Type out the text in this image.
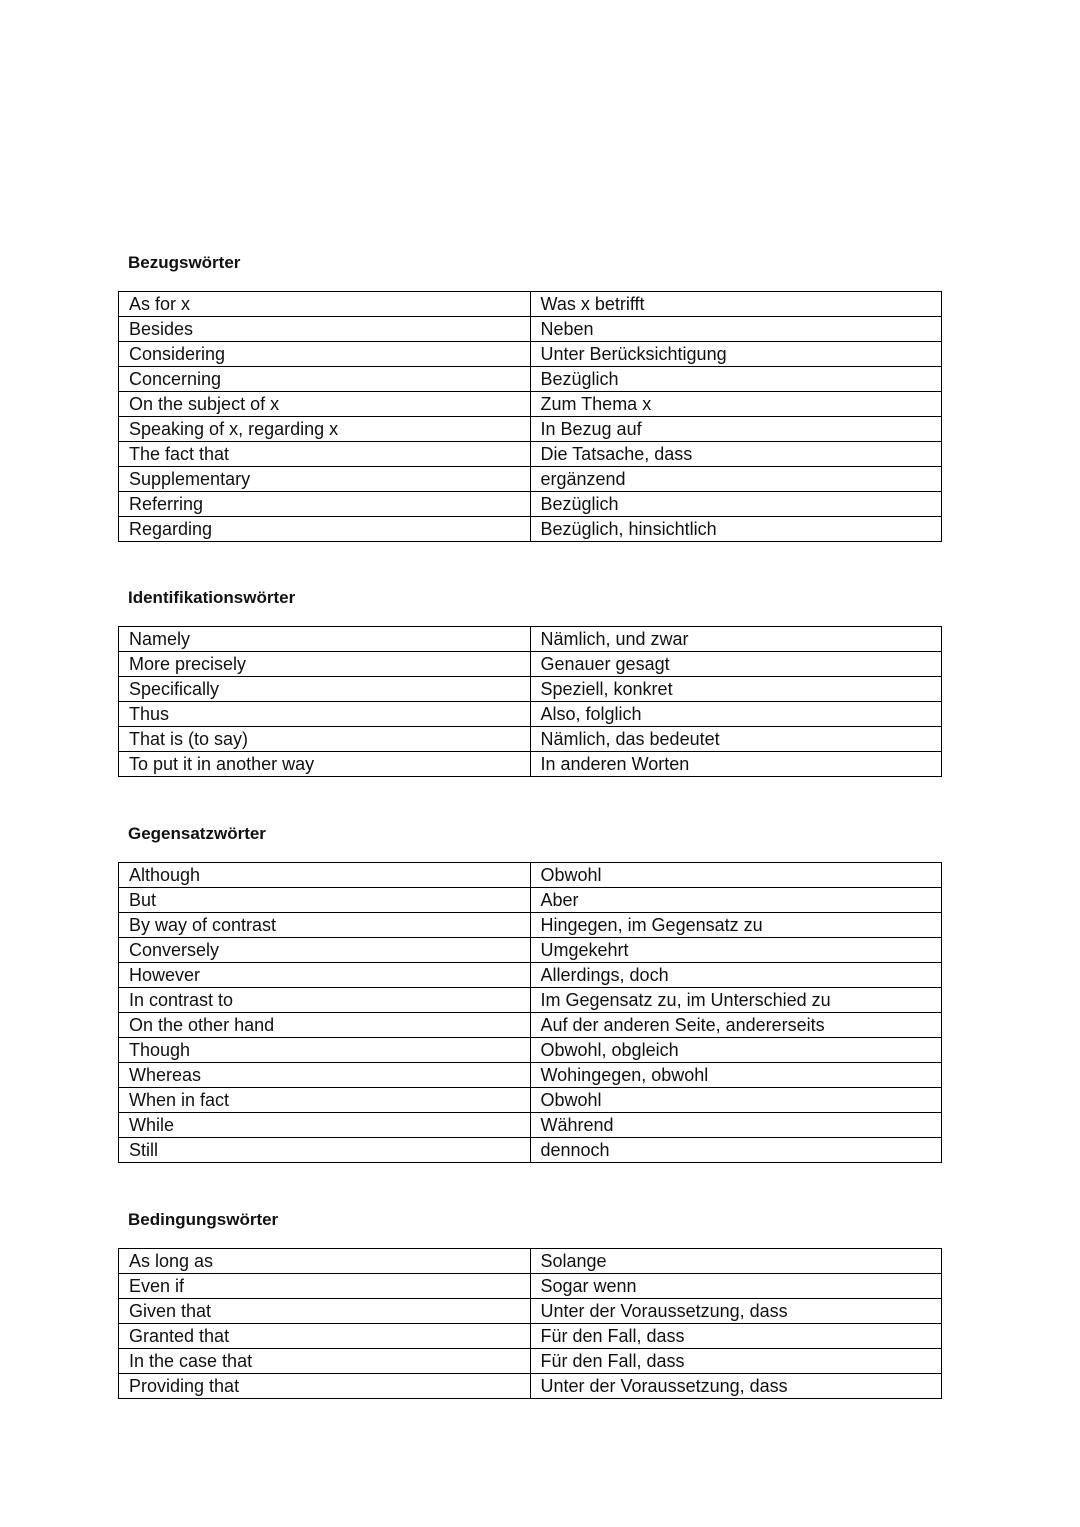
Bezugswörter
As for x	Was x betrifft
Besides	Neben
Considering	Unter Berücksichtigung
Concerning	Bezüglich
On the subject of x	Zum Thema x
Speaking of x, regarding x	In Bezug auf
The fact that	Die Tatsache, dass
Supplementary	ergänzend
Referring	Bezüglich
Regarding	Bezüglich, hinsichtlich
Identifikationswörter
Namely	Nämlich, und zwar
More precisely	Genauer gesagt
Specifically	Speziell, konkret
Thus	Also, folglich
That is (to say)	Nämlich, das bedeutet
To put it in another way	In anderen Worten
Gegensatzwörter
Although	Obwohl
But	Aber
By way of contrast	Hingegen, im Gegensatz zu
Conversely	Umgekehrt
However	Allerdings, doch
In contrast to	Im Gegensatz zu, im Unterschied zu
On the other hand	Auf der anderen Seite, andererseits
Though	Obwohl, obgleich
Whereas	Wohingegen, obwohl
When in fact	Obwohl
While	Während
Still	dennoch
Bedingungswörter
As long as	Solange
Even if	Sogar wenn
Given that	Unter der Voraussetzung, dass
Granted that	Für den Fall, dass
In the case that	Für den Fall, dass
Providing that	Unter der Voraussetzung, dass
